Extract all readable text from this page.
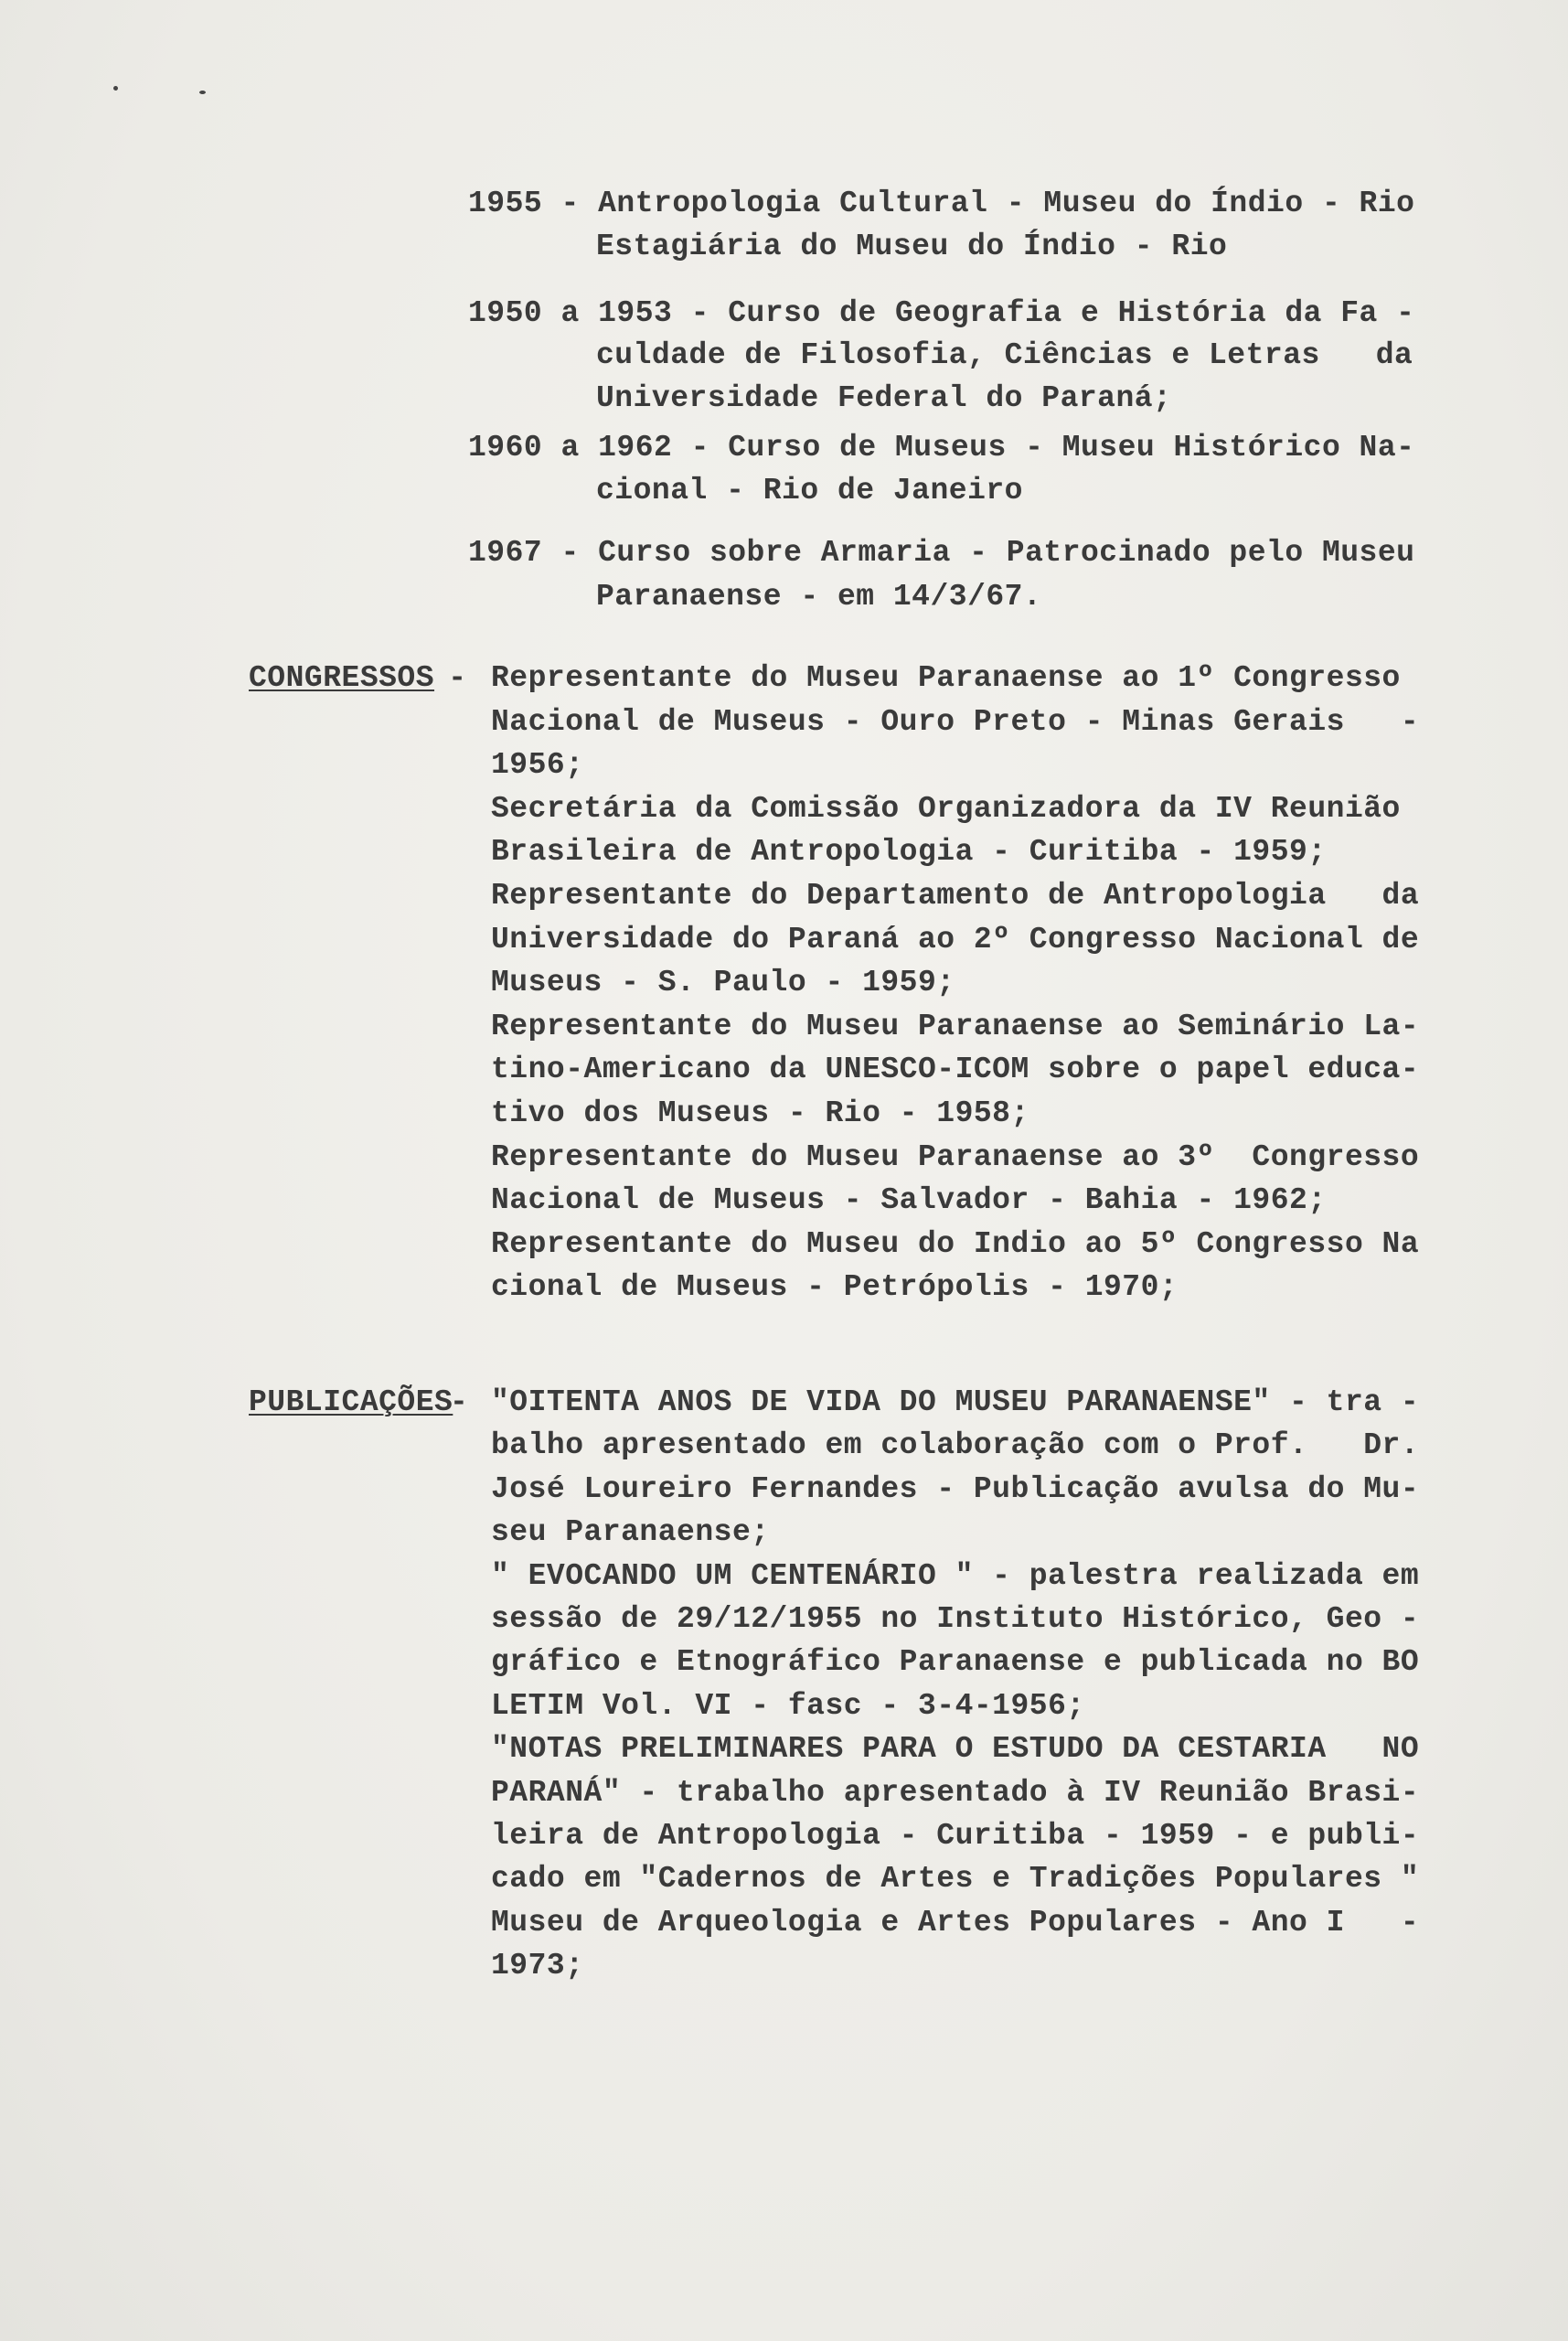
1955 - Antropologia Cultural - Museu do Índio - Rio
Estagiária do Museu do Índio - Rio
1950 a 1953 - Curso de Geografia e História da Fa -
culdade de Filosofia, Ciências e Letras   da
Universidade Federal do Paraná;
1960 a 1962 - Curso de Museus - Museu Histórico Na-
cional - Rio de Janeiro
1967 - Curso sobre Armaria - Patrocinado pelo Museu
Paranaense - em 14/3/67.
CONGRESSOS
- Representante do Museu Paranaense ao 1º Congresso
Nacional de Museus - Ouro Preto - Minas Gerais   -
1956;
Secretária da Comissão Organizadora da IV Reunião
Brasileira de Antropologia - Curitiba - 1959;
Representante do Departamento de Antropologia   da
Universidade do Paraná ao 2º Congresso Nacional de
Museus - S. Paulo - 1959;
Representante do Museu Paranaense ao Seminário La-
tino-Americano da UNESCO-ICOM sobre o papel educa-
tivo dos Museus - Rio - 1958;
Representante do Museu Paranaense ao 3º  Congresso
Nacional de Museus - Salvador - Bahia - 1962;
Representante do Museu do Indio ao 5º Congresso Na
cional de Museus - Petrópolis - 1970;
PUBLICAÇÕES
- "OITENTA ANOS DE VIDA DO MUSEU PARANAENSE" - tra -
balho apresentado em colaboração com o Prof.   Dr.
José Loureiro Fernandes - Publicação avulsa do Mu-
seu Paranaense;
" EVOCANDO UM CENTENÁRIO " - palestra realizada em
sessão de 29/12/1955 no Instituto Histórico, Geo -
gráfico e Etnográfico Paranaense e publicada no BO
LETIM Vol. VI - fasc - 3-4-1956;
"NOTAS PRELIMINARES PARA O ESTUDO DA CESTARIA   NO
PARANÁ" - trabalho apresentado à IV Reunião Brasi-
leira de Antropologia - Curitiba - 1959 - e publi-
cado em "Cadernos de Artes e Tradições Populares "
Museu de Arqueologia e Artes Populares - Ano I   -
1973;
